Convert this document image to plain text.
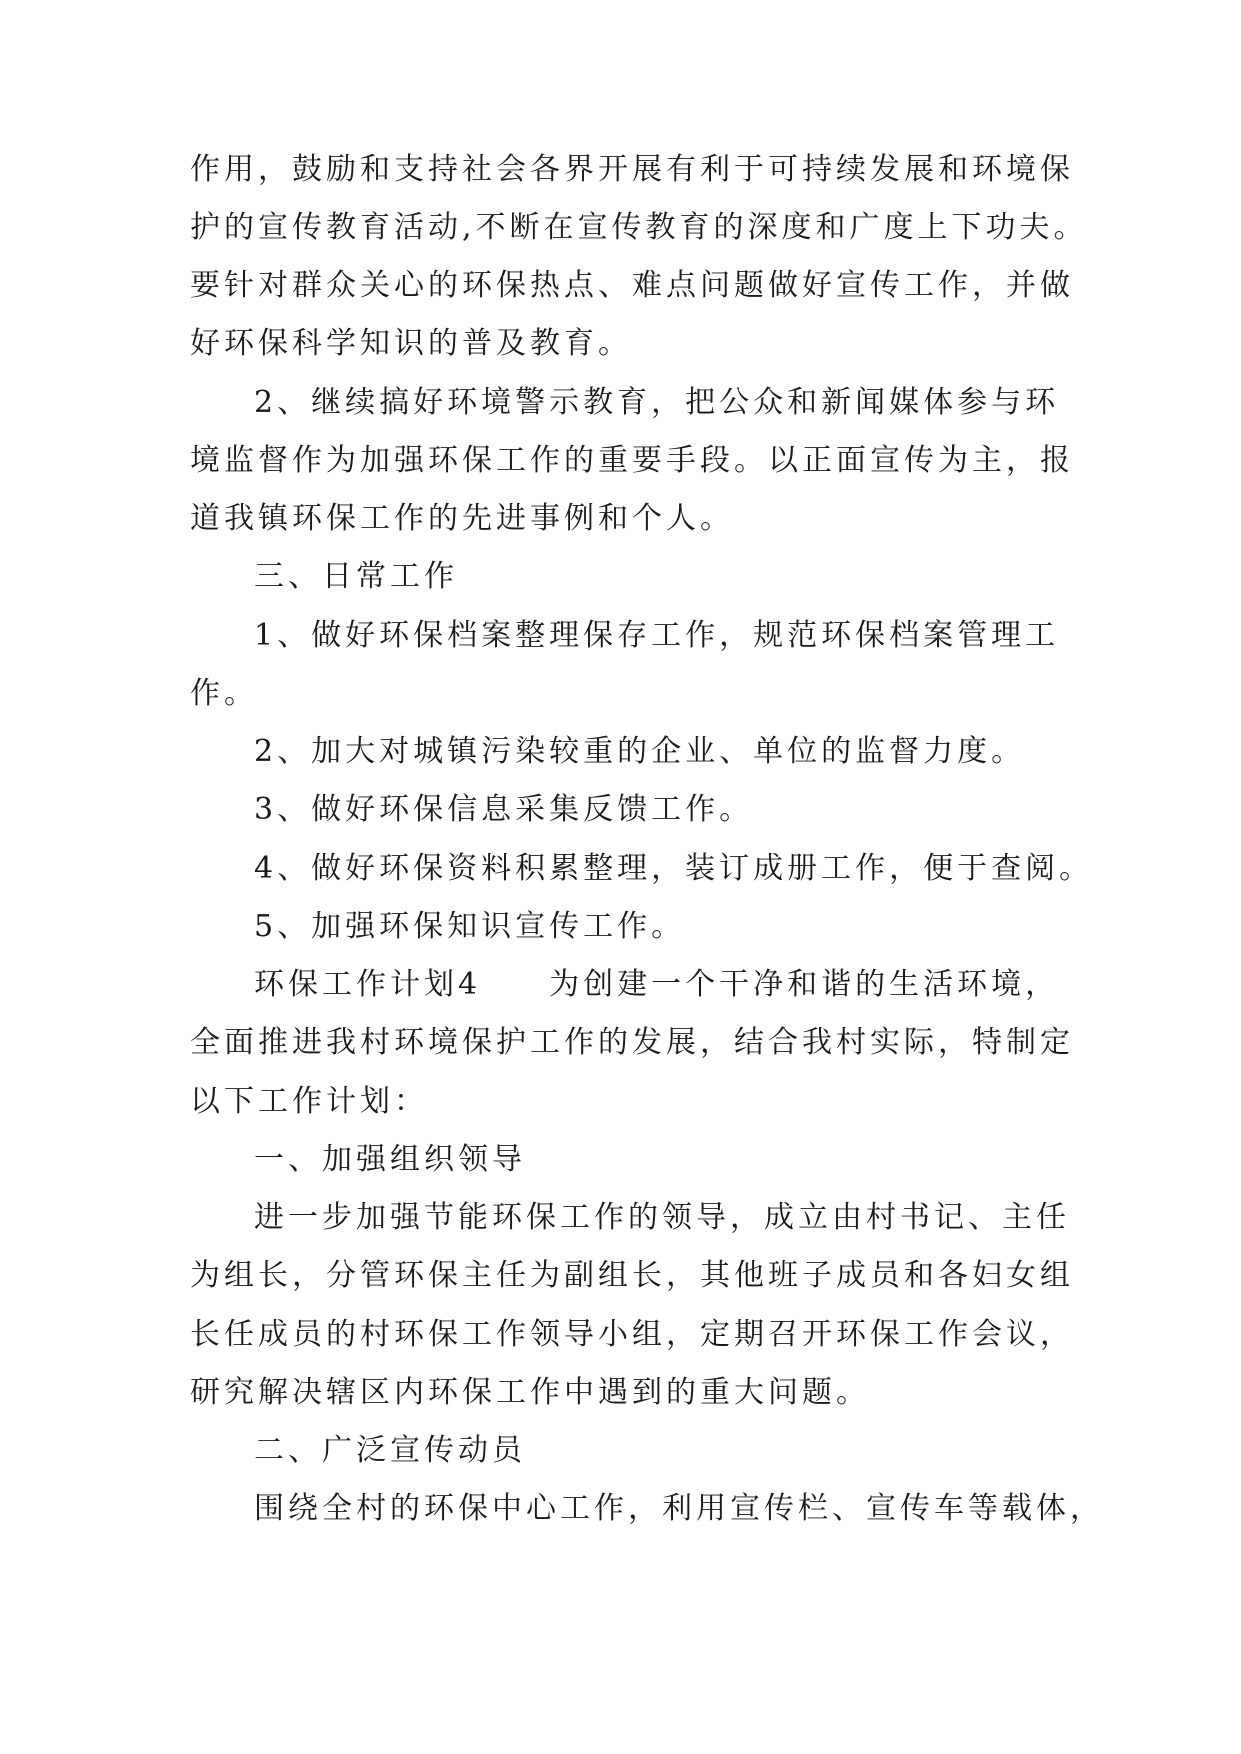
作用，鼓励和支持社会各界开展有利于可持续发展和环境保
护的宣传教育活动,不断在宣传教育的深度和广度上下功夫。
要针对群众关心的环保热点、难点问题做好宣传工作，并做
好环保科学知识的普及教育。
2、继续搞好环境警示教育，把公众和新闻媒体参与环
境监督作为加强环保工作的重要手段。以正面宣传为主，报
道我镇环保工作的先进事例和个人。
三、日常工作
1、做好环保档案整理保存工作，规范环保档案管理工
作。
2、加大对城镇污染较重的企业、单位的监督力度。
3、做好环保信息采集反馈工作。
4、做好环保资料积累整理，装订成册工作，便于查阅。
5、加强环保知识宣传工作。
环保工作计划4　　为创建一个干净和谐的生活环境，
全面推进我村环境保护工作的发展，结合我村实际，特制定
以下工作计划：
一、加强组织领导
进一步加强节能环保工作的领导，成立由村书记、主任
为组长，分管环保主任为副组长，其他班子成员和各妇女组
长任成员的村环保工作领导小组，定期召开环保工作会议，
研究解决辖区内环保工作中遇到的重大问题。
二、广泛宣传动员
围绕全村的环保中心工作，利用宣传栏、宣传车等载体，
